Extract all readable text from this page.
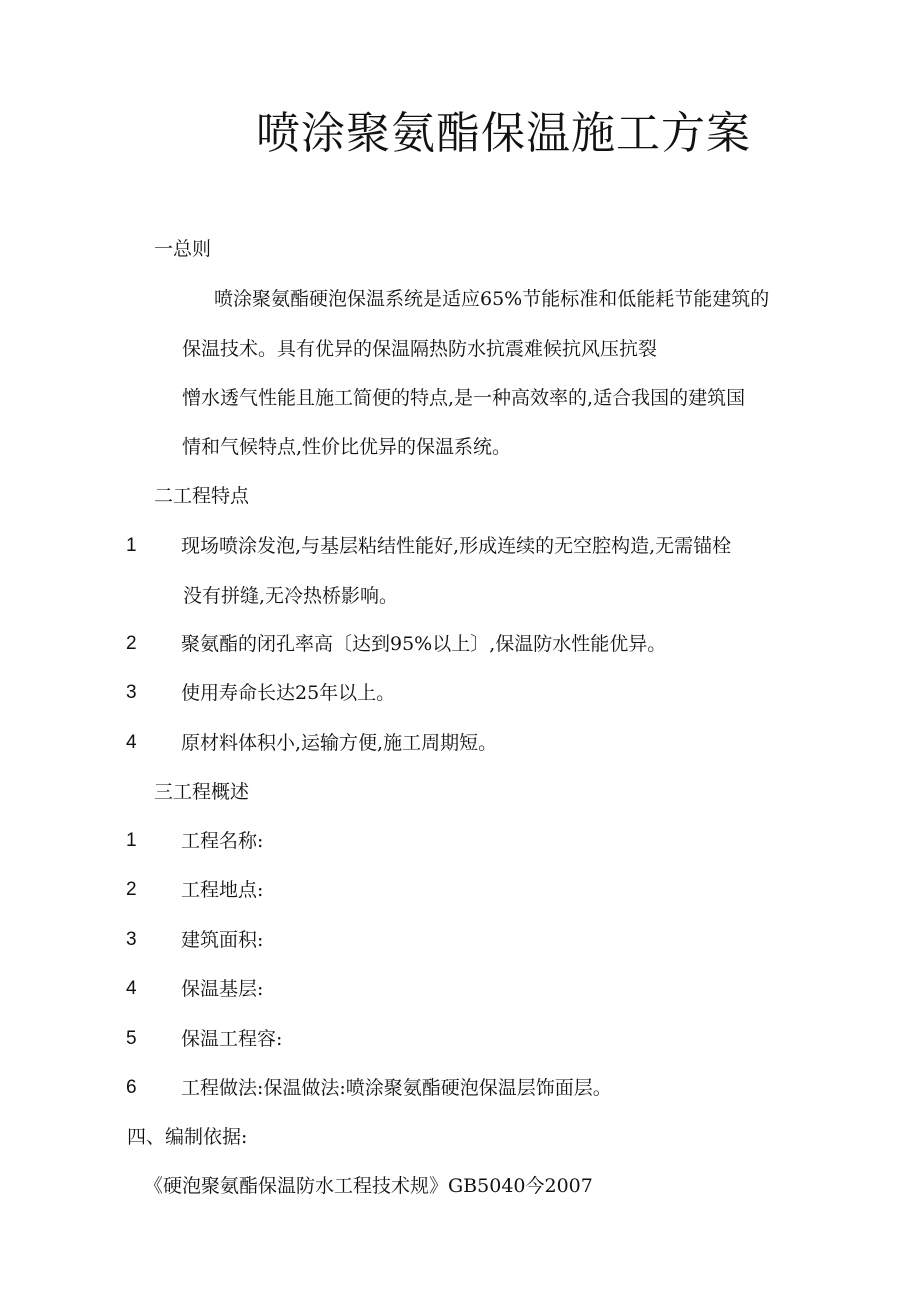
喷涂聚氨酯保温施工方案
一总则
喷涂聚氨酯硬泡保温系统是适应65%节能标准和低能耗节能建筑的
保温技术。具有优异的保温隔热防水抗震难候抗风压抗裂
憎水透气性能且施工简便的特点,是一种高效率的,适合我国的建筑国
情和气候特点,性价比优异的保温系统。
二工程特点
1 现场喷涂发泡,与基层粘结性能好,形成连续的无空腔构造,无需锚栓
没有拼缝,无冷热桥影响。
2 聚氨酯的闭孔率高〔达到95%以上〕,保温防水性能优异。
3 使用寿命长达25年以上。
4 原材料体积小,运输方便,施工周期短。
三工程概述
1 工程名称:
2 工程地点:
3 建筑面积:
4 保温基层:
5 保温工程容:
6 工程做法:保温做法:喷涂聚氨酯硬泡保温层饰面层。
四、编制依据:
《硬泡聚氨酯保温防水工程技术规》GB5040今2007
